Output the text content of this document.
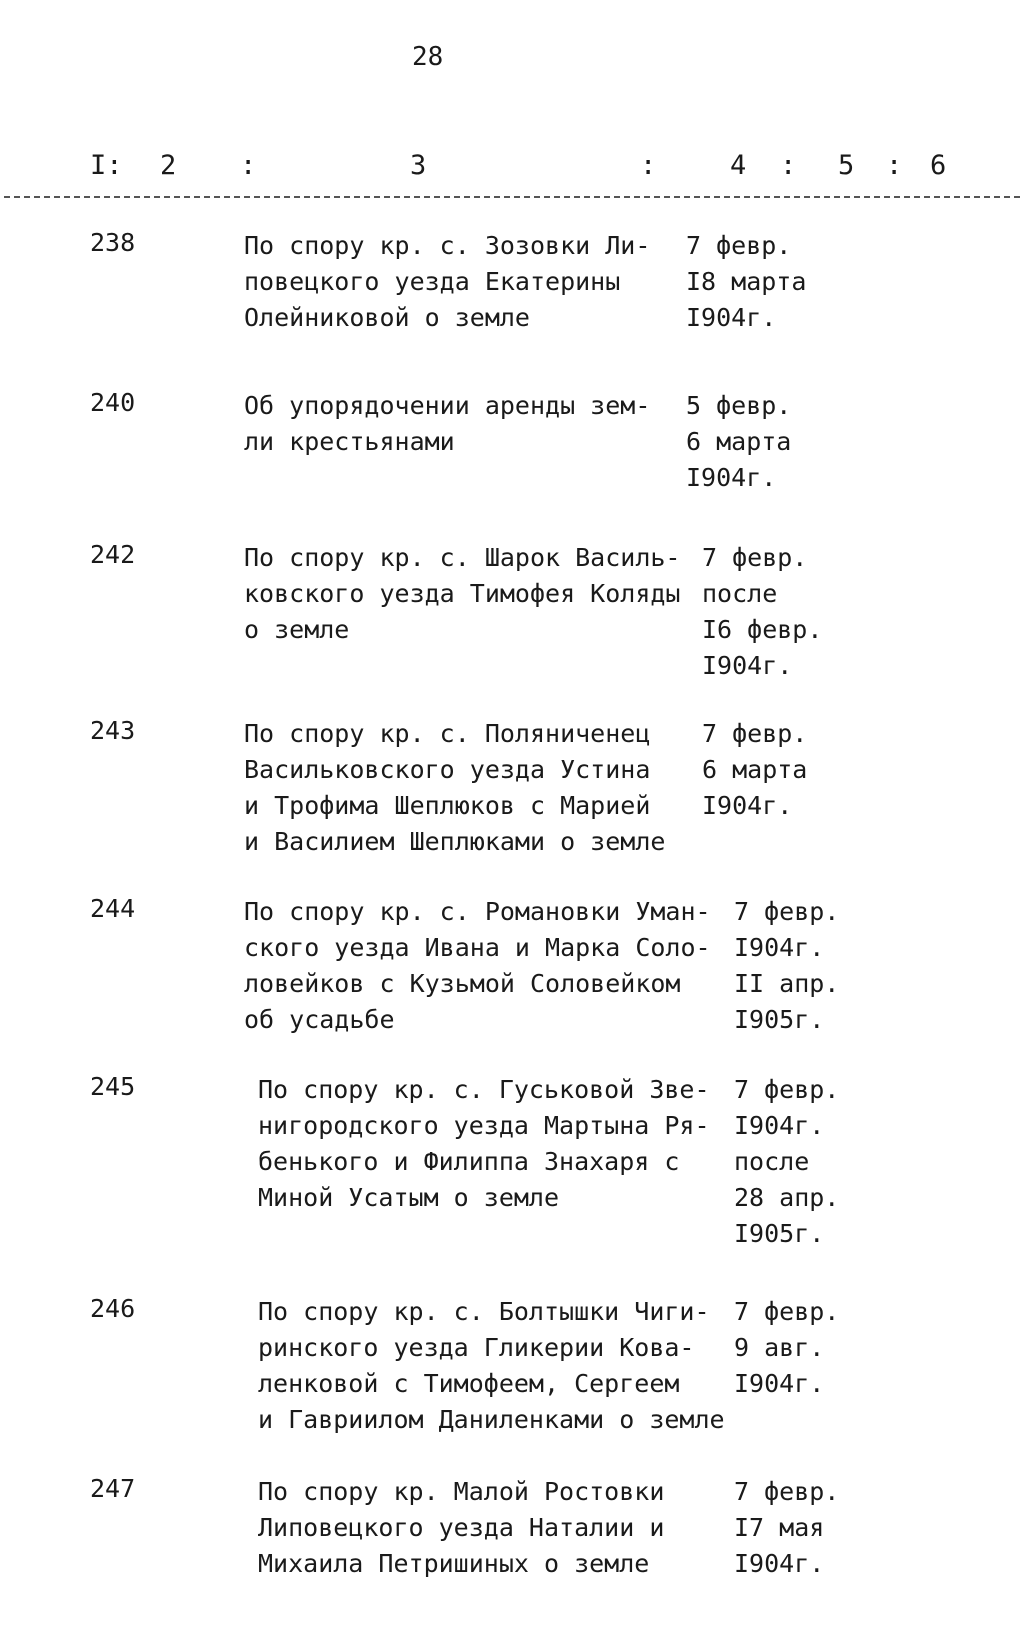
28
I: 2 :	3	:	4 : 5 : 6
238	По спору кр. с. Зозовки Ли-
повецкого уезда Екатерины
Олейниковой о земле
7 февр.
I8 марта
I904г.
240	Об упорядочении аренды зем-
ли крестьянами
5 февр.
6 марта
I904г.
242	По спору кр. с. Шарок Василь-
ковского уезда Тимофея Коляды
о земле
7 февр.
после
I6 февр.
I904г.
243	По спору кр. с. Поляниченец
Васильковского уезда Устина
и Трофима Шеплюков с Марией
и Василием Шеплюками о земле
7 февр.
6 марта
I904г.
244	По спору кр. с. Романовки Уман-
ского уезда Ивана и Марка Соло-
ловейков с Кузьмой Соловейком
об усадьбе
7 февр.
I904г.
II апр.
I905г.
245	По спору кр. с. Гуськовой Зве-
нигородского уезда Мартына Ря-
бенького и Филиппа Знахаря с
Миной Усатым о земле
7 февр.
I904г.
после
28 апр.
I905г.
246	По спору кр. с. Болтышки Чиги-
ринского уезда Гликерии Кова-
ленковой с Тимофеем, Сергеем
и Гавриилом Даниленками о земле
7 февр.
9 авг.
I904г.
247	По спору кр. Малой Ростовки
Липовецкого уезда Наталии и
Михаила Петришиных о земле
7 февр.
I7 мая
I904г.
